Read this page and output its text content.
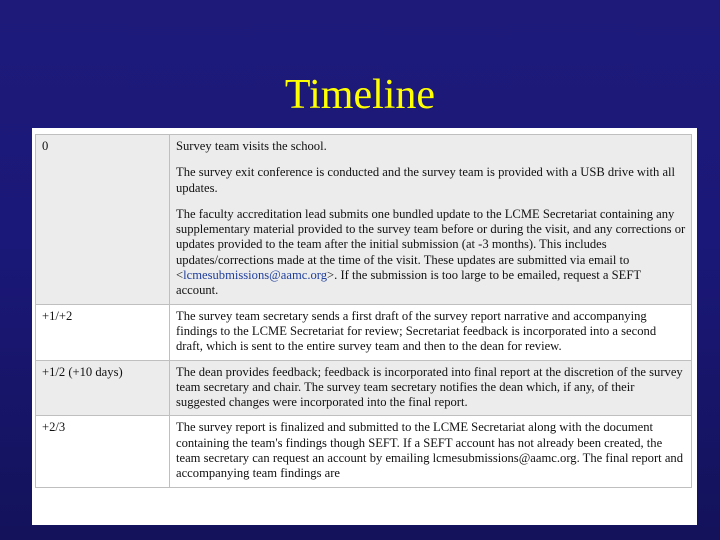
Timeline
0	Survey team visits the school.

The survey exit conference is conducted and the survey team is provided with a USB drive with all updates.

The faculty accreditation lead submits one bundled update to the LCME Secretariat containing any supplementary material provided to the survey team before or during the visit, and any corrections or updates provided to the team after the initial submission (at -3 months). This includes updates/corrections made at the time of the visit. These updates are submitted via email to <lcmesubmissions@aamc.org>. If the submission is too large to be emailed, request a SEFT account.

+1/+2	The survey team secretary sends a first draft of the survey report narrative and accompanying findings to the LCME Secretariat for review; Secretariat feedback is incorporated into a second draft, which is sent to the entire survey team and then to the dean for review.
+1/2 (+10 days)	The dean provides feedback; feedback is incorporated into final report at the discretion of the survey team secretary and chair. The survey team secretary notifies the dean which, if any, of their suggested changes were incorporated into the final report.
+2/3	The survey report is finalized and submitted to the LCME Secretariat along with the document containing the team's findings though SEFT. If a SEFT account has not already been created, the team secretary can request an account by emailing lcmesubmissions@aamc.org. The final report and accompanying team findings are
